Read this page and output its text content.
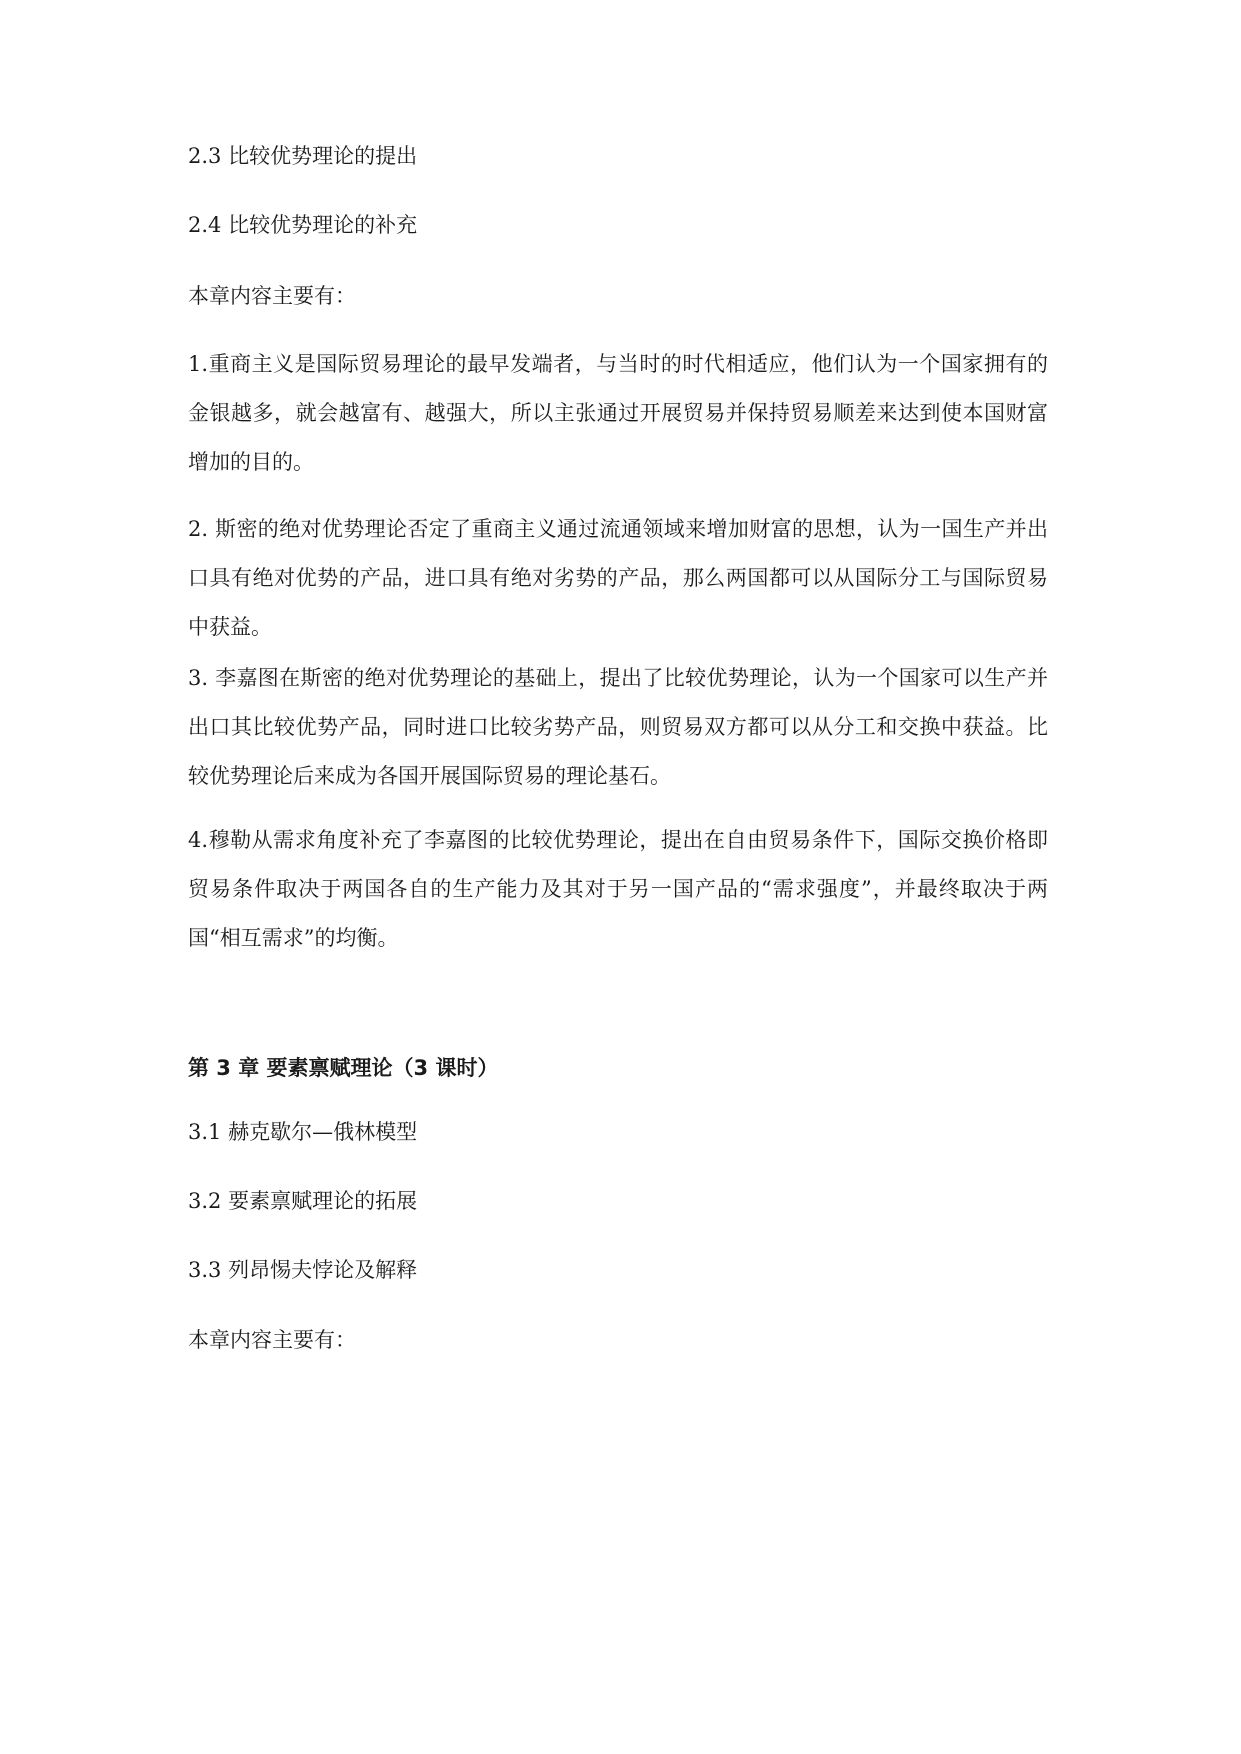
2.3 比较优势理论的提出

2.4 比较优势理论的补充

本章内容主要有：

1.重商主义是国际贸易理论的最早发端者，与当时的时代相适应，他们认为一个国家拥有的金银越多，就会越富有、越强大，所以主张通过开展贸易并保持贸易顺差来达到使本国财富增加的目的。

2. 斯密的绝对优势理论否定了重商主义通过流通领域来增加财富的思想，认为一国生产并出口具有绝对优势的产品，进口具有绝对劣势的产品，那么两国都可以从国际分工与国际贸易中获益。

3. 李嘉图在斯密的绝对优势理论的基础上，提出了比较优势理论，认为一个国家可以生产并出口其比较优势产品，同时进口比较劣势产品，则贸易双方都可以从分工和交换中获益。比较优势理论后来成为各国开展国际贸易的理论基石。

4.穆勒从需求角度补充了李嘉图的比较优势理论，提出在自由贸易条件下，国际交换价格即贸易条件取决于两国各自的生产能力及其对于另一国产品的“需求强度”，并最终取决于两国“相互需求”的均衡。

第 3 章 要素禀赋理论（3 课时）

3.1 赫克歇尔—俄林模型

3.2 要素禀赋理论的拓展

3.3 列昂惕夫悖论及解释

本章内容主要有：
